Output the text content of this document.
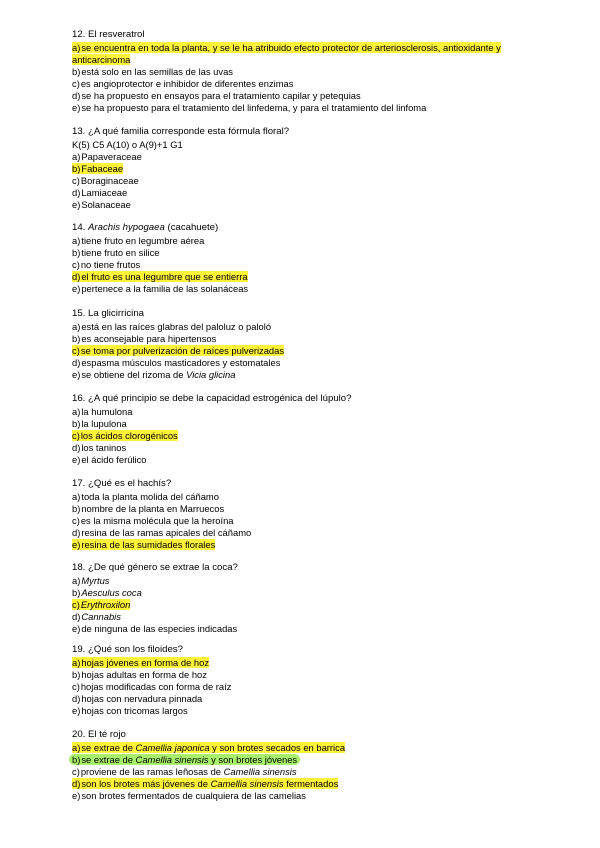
12. El resveratrol
a)se encuentra en toda la planta, y se le ha atribuido efecto protector de arteriosclerosis, antioxidante y anticarcinoma
b)está solo en las semillas de las uvas
c)es angioprotector e inhibidor de diferentes enzimas
d)se ha propuesto en ensayos para el tratamiento capilar y petequias
e)se ha propuesto para el tratamiento del linfedema, y para el tratamiento del linfoma
13. ¿A qué familia corresponde esta fórmula floral?
K(5) C5 A(10) o A(9)+1 G1
a)Papaveraceae
b)Fabaceae
c)Boraginaceae
d)Lamiaceae
e)Solanaceae
14. Arachis hypogaea (cacahuete)
a)tiene fruto en legumbre aérea
b)tiene fruto en silice
c)no tiene frutos
d)el fruto es una legumbre que se entierra
e)pertenece a la familia de las solanáceas
15. La glicirricina
a)está en las raíces glabras del paloluz o paloló
b)es aconsejable para hipertensos
c)se toma por pulverización de raíces pulverizadas
d)espasma músculos masticadores y estomatales
e)se obtiene del rizoma de Vicia glicina
16. ¿A qué principio se debe la capacidad estrogénica del lúpulo?
a)la humulona
b)la lupulona
c)los ácidos clorogénicos
d)los taninos
e)el ácido ferúlico
17. ¿Qué es el hachís?
a)toda la planta molida del cáñamo
b)nombre de la planta en Marruecos
c)es la misma molécula que la heroína
d)resina de las ramas apicales del cáñamo
e)resina de las sumidades florales
18. ¿De qué género se extrae la coca?
a)Myrtus
b)Aesculus coca
c)Erythroxilon
d)Cannabis
e)de ninguna de las especies indicadas
19. ¿Qué son los filoides?
a)hojas jóvenes en forma de hoz
b)hojas adultas en forma de hoz
c)hojas modificadas con forma de raíz
d)hojas con nervadura pinnada
e)hojas con tricomas largos
20. El té rojo
a)se extrae de Camellia japonica y son brotes secados en barrica
b)se extrae de Camellia sinensis y son brotes jóvenes
c)proviene de las ramas leñosas de Camellia sinensis
d)son los brotes más jóvenes de Camellia sinensis fermentados
e)son brotes fermentados de cualquiera de las camelias
